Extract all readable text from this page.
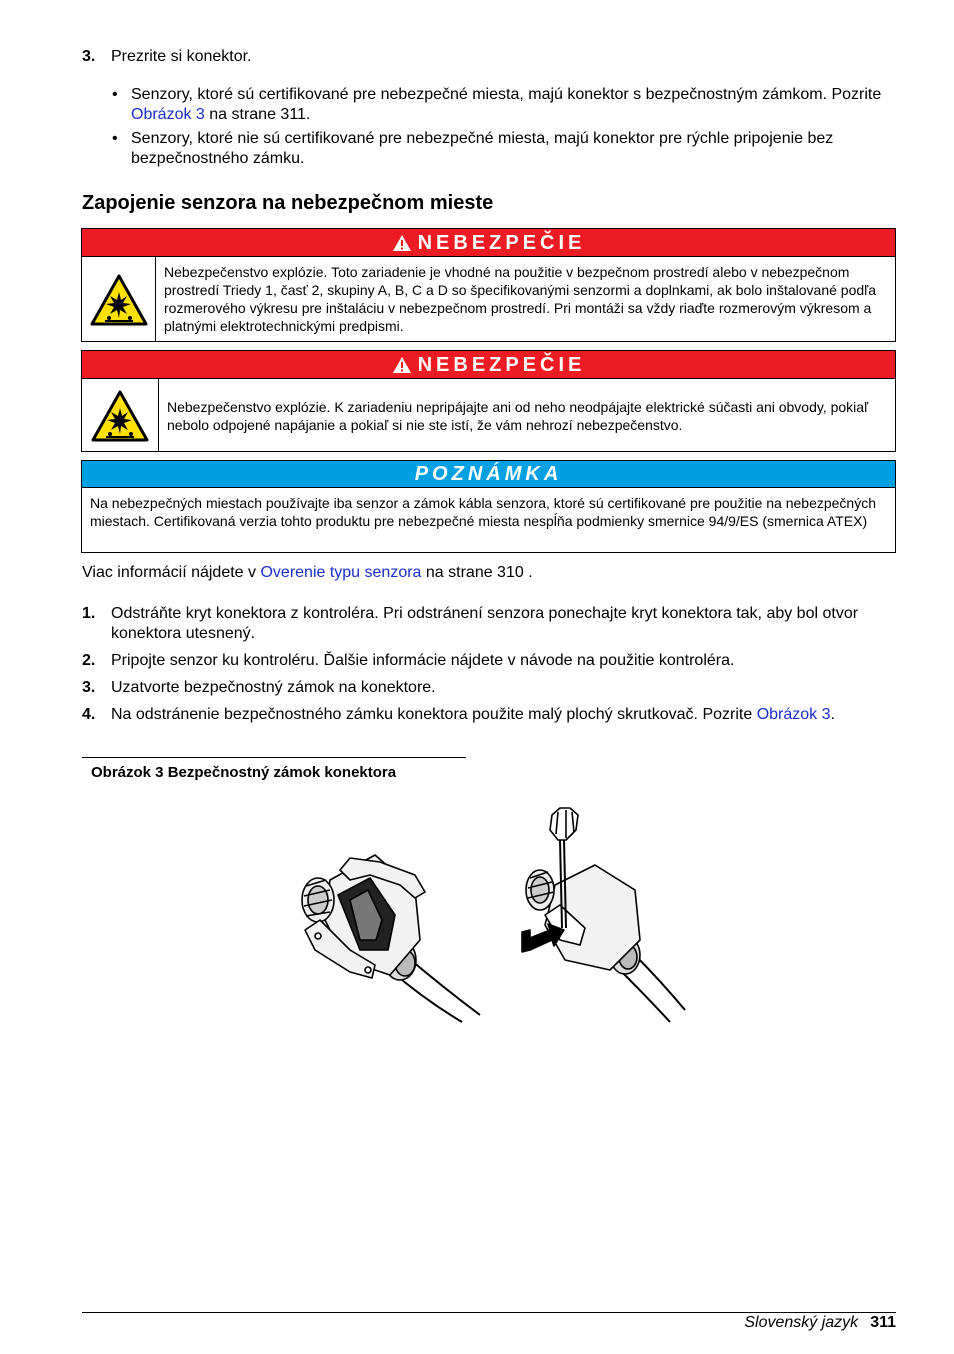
3. Prezrite si konektor.
• Senzory, ktoré sú certifikované pre nebezpečné miesta, majú konektor s bezpečnostným zámkom. Pozrite Obrázok 3 na strane 311.
• Senzory, ktoré nie sú certifikované pre nebezpečné miesta, majú konektor pre rýchle pripojenie bez bezpečnostného zámku.
Zapojenie senzora na nebezpečnom mieste
NEBEZPEČIE
Nebezpečenstvo explózie. Toto zariadenie je vhodné na použitie v bezpečnom prostredí alebo v nebezpečnom prostredí Triedy 1, časť 2, skupiny A, B, C a D so špecifikovanými senzormi a doplnkami, ak bolo inštalované podľa rozmerového výkresu pre inštaláciu v nebezpečnom prostredí. Pri montáži sa vždy riaďte rozmerovým výkresom a platnými elektrotechnickými predpismi.
NEBEZPEČIE
Nebezpečenstvo explózie. K zariadeniu nepripájajte ani od neho neodpájajte elektrické súčasti ani obvody, pokiaľ nebolo odpojené napájanie a pokiaľ si nie ste istí, že vám nehrozí nebezpečenstvo.
POZNÁMKA
Na nebezpečných miestach používajte iba senzor a zámok kábla senzora, ktoré sú certifikované pre použitie na nebezpečných miestach. Certifikovaná verzia tohto produktu pre nebezpečné miesta nespĺňa podmienky smernice 94/9/ES (smernica ATEX)
Viac informácií nájdete v Overenie typu senzora na strane 310 .
1. Odstráňte kryt konektora z kontroléra. Pri odstránení senzora ponechajte kryt konektora tak, aby bol otvor konektora utesnený.
2. Pripojte senzor ku kontroléru. Ďalšie informácie nájdete v návode na použitie kontroléra.
3. Uzatvorte bezpečnostný zámok na konektore.
4. Na odstránenie bezpečnostného zámku konektora použite malý plochý skrutkovač. Pozrite Obrázok 3.
Obrázok 3 Bezpečnostný zámok konektora
Slovenský jazyk 311
